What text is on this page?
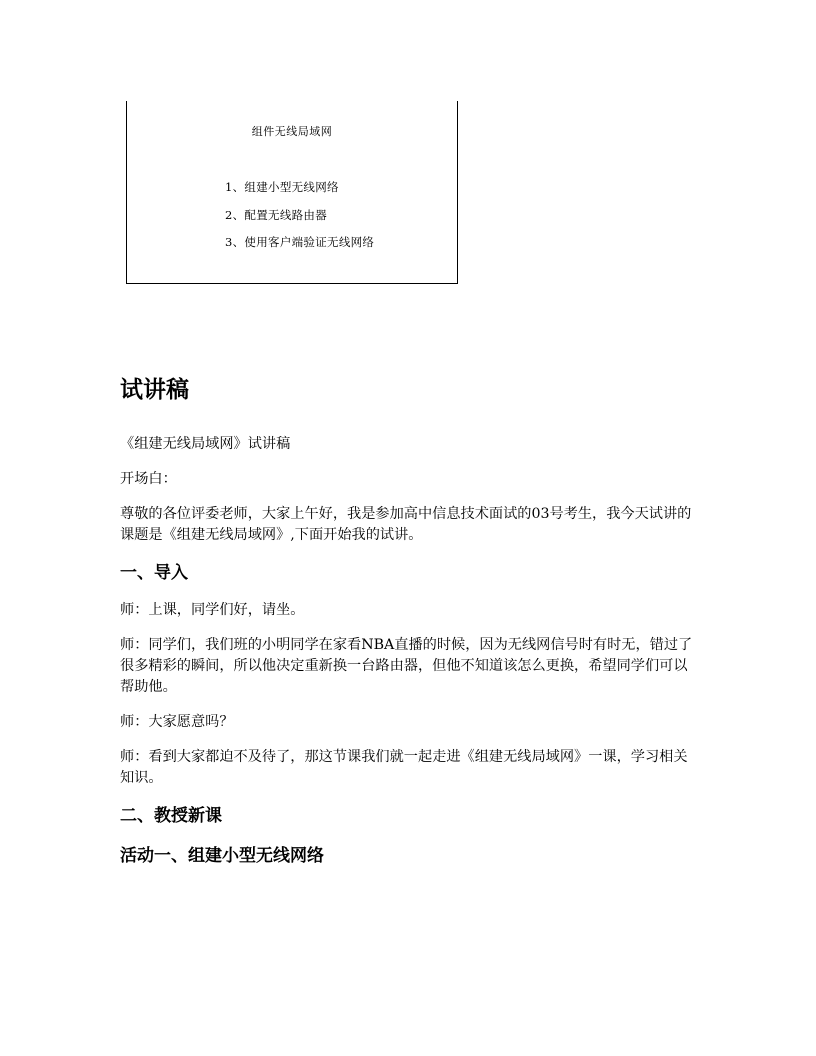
组件无线局域网
1、组建小型无线网络
2、配置无线路由器
3、使用客户端验证无线网络
试讲稿

《组建无线局域网》试讲稿

开场白：

尊敬的各位评委老师，大家上午好，我是参加高中信息技术面试的03号考生，我今天试讲的课题是《组建无线局域网》,下面开始我的试讲。

一、导入

师：上课，同学们好，请坐。

师：同学们，我们班的小明同学在家看NBA直播的时候，因为无线网信号时有时无，错过了很多精彩的瞬间，所以他决定重新换一台路由器，但他不知道该怎么更换，希望同学们可以帮助他。

师：大家愿意吗？

师：看到大家都迫不及待了，那这节课我们就一起走进《组建无线局域网》一课，学习相关知识。

二、教授新课
活动一、组建小型无线网络
